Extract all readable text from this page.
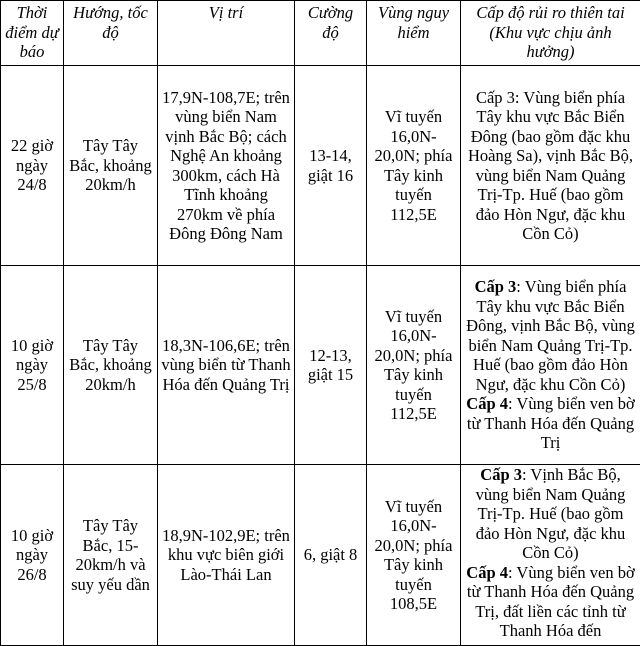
Thời điểm dự báo	Hướng, tốc độ	Vị trí	Cường độ	Vùng nguy hiểm	Cấp độ rủi ro thiên tai (Khu vực chịu ảnh hưởng)
22 giờ ngày 24/8	Tây Tây Bắc, khoảng 20km/h	17,9N-108,7E; trên vùng biển Nam vịnh Bắc Bộ; cách Nghệ An khoảng 300km, cách Hà Tĩnh khoảng 270km về phía Đông Đông Nam	13-14, giật 16	Vĩ tuyến 16,0N-20,0N; phía Tây kinh tuyến 112,5E	Cấp 3: Vùng biển phía Tây khu vực Bắc Biển Đông (bao gồm đặc khu Hoàng Sa), vịnh Bắc Bộ, vùng biển Nam Quảng Trị-Tp. Huế (bao gồm đảo Hòn Ngư, đặc khu Cồn Cỏ)

10 giờ ngày 25/8	Tây Tây Bắc, khoảng 20km/h	18,3N-106,6E; trên vùng biển từ Thanh Hóa đến Quảng Trị	12-13, giật 15	Vĩ tuyến 16,0N-20,0N; phía Tây kinh tuyến 112,5E	Cấp 3: Vùng biển phía Tây khu vực Bắc Biển Đông, vịnh Bắc Bộ, vùng biển Nam Quảng Trị-Tp. Huế (bao gồm đảo Hòn Ngư, đặc khu Cồn Cỏ)
Cấp 4: Vùng biển ven bờ từ Thanh Hóa đến Quảng Trị

10 giờ ngày 26/8	Tây Tây Bắc, 15-20km/h và suy yếu dần	18,9N-102,9E; trên khu vực biên giới Lào-Thái Lan	6, giật 8	Vĩ tuyến 16,0N-20,0N; phía Tây kinh tuyến 108,5E	Cấp 3: Vịnh Bắc Bộ, vùng biển Nam Quảng Trị-Tp. Huế (bao gồm đảo Hòn Ngư, đặc khu Cồn Cỏ)
Cấp 4: Vùng biển ven bờ từ Thanh Hóa đến Quảng Trị, đất liền các tỉnh từ Thanh Hóa đến
